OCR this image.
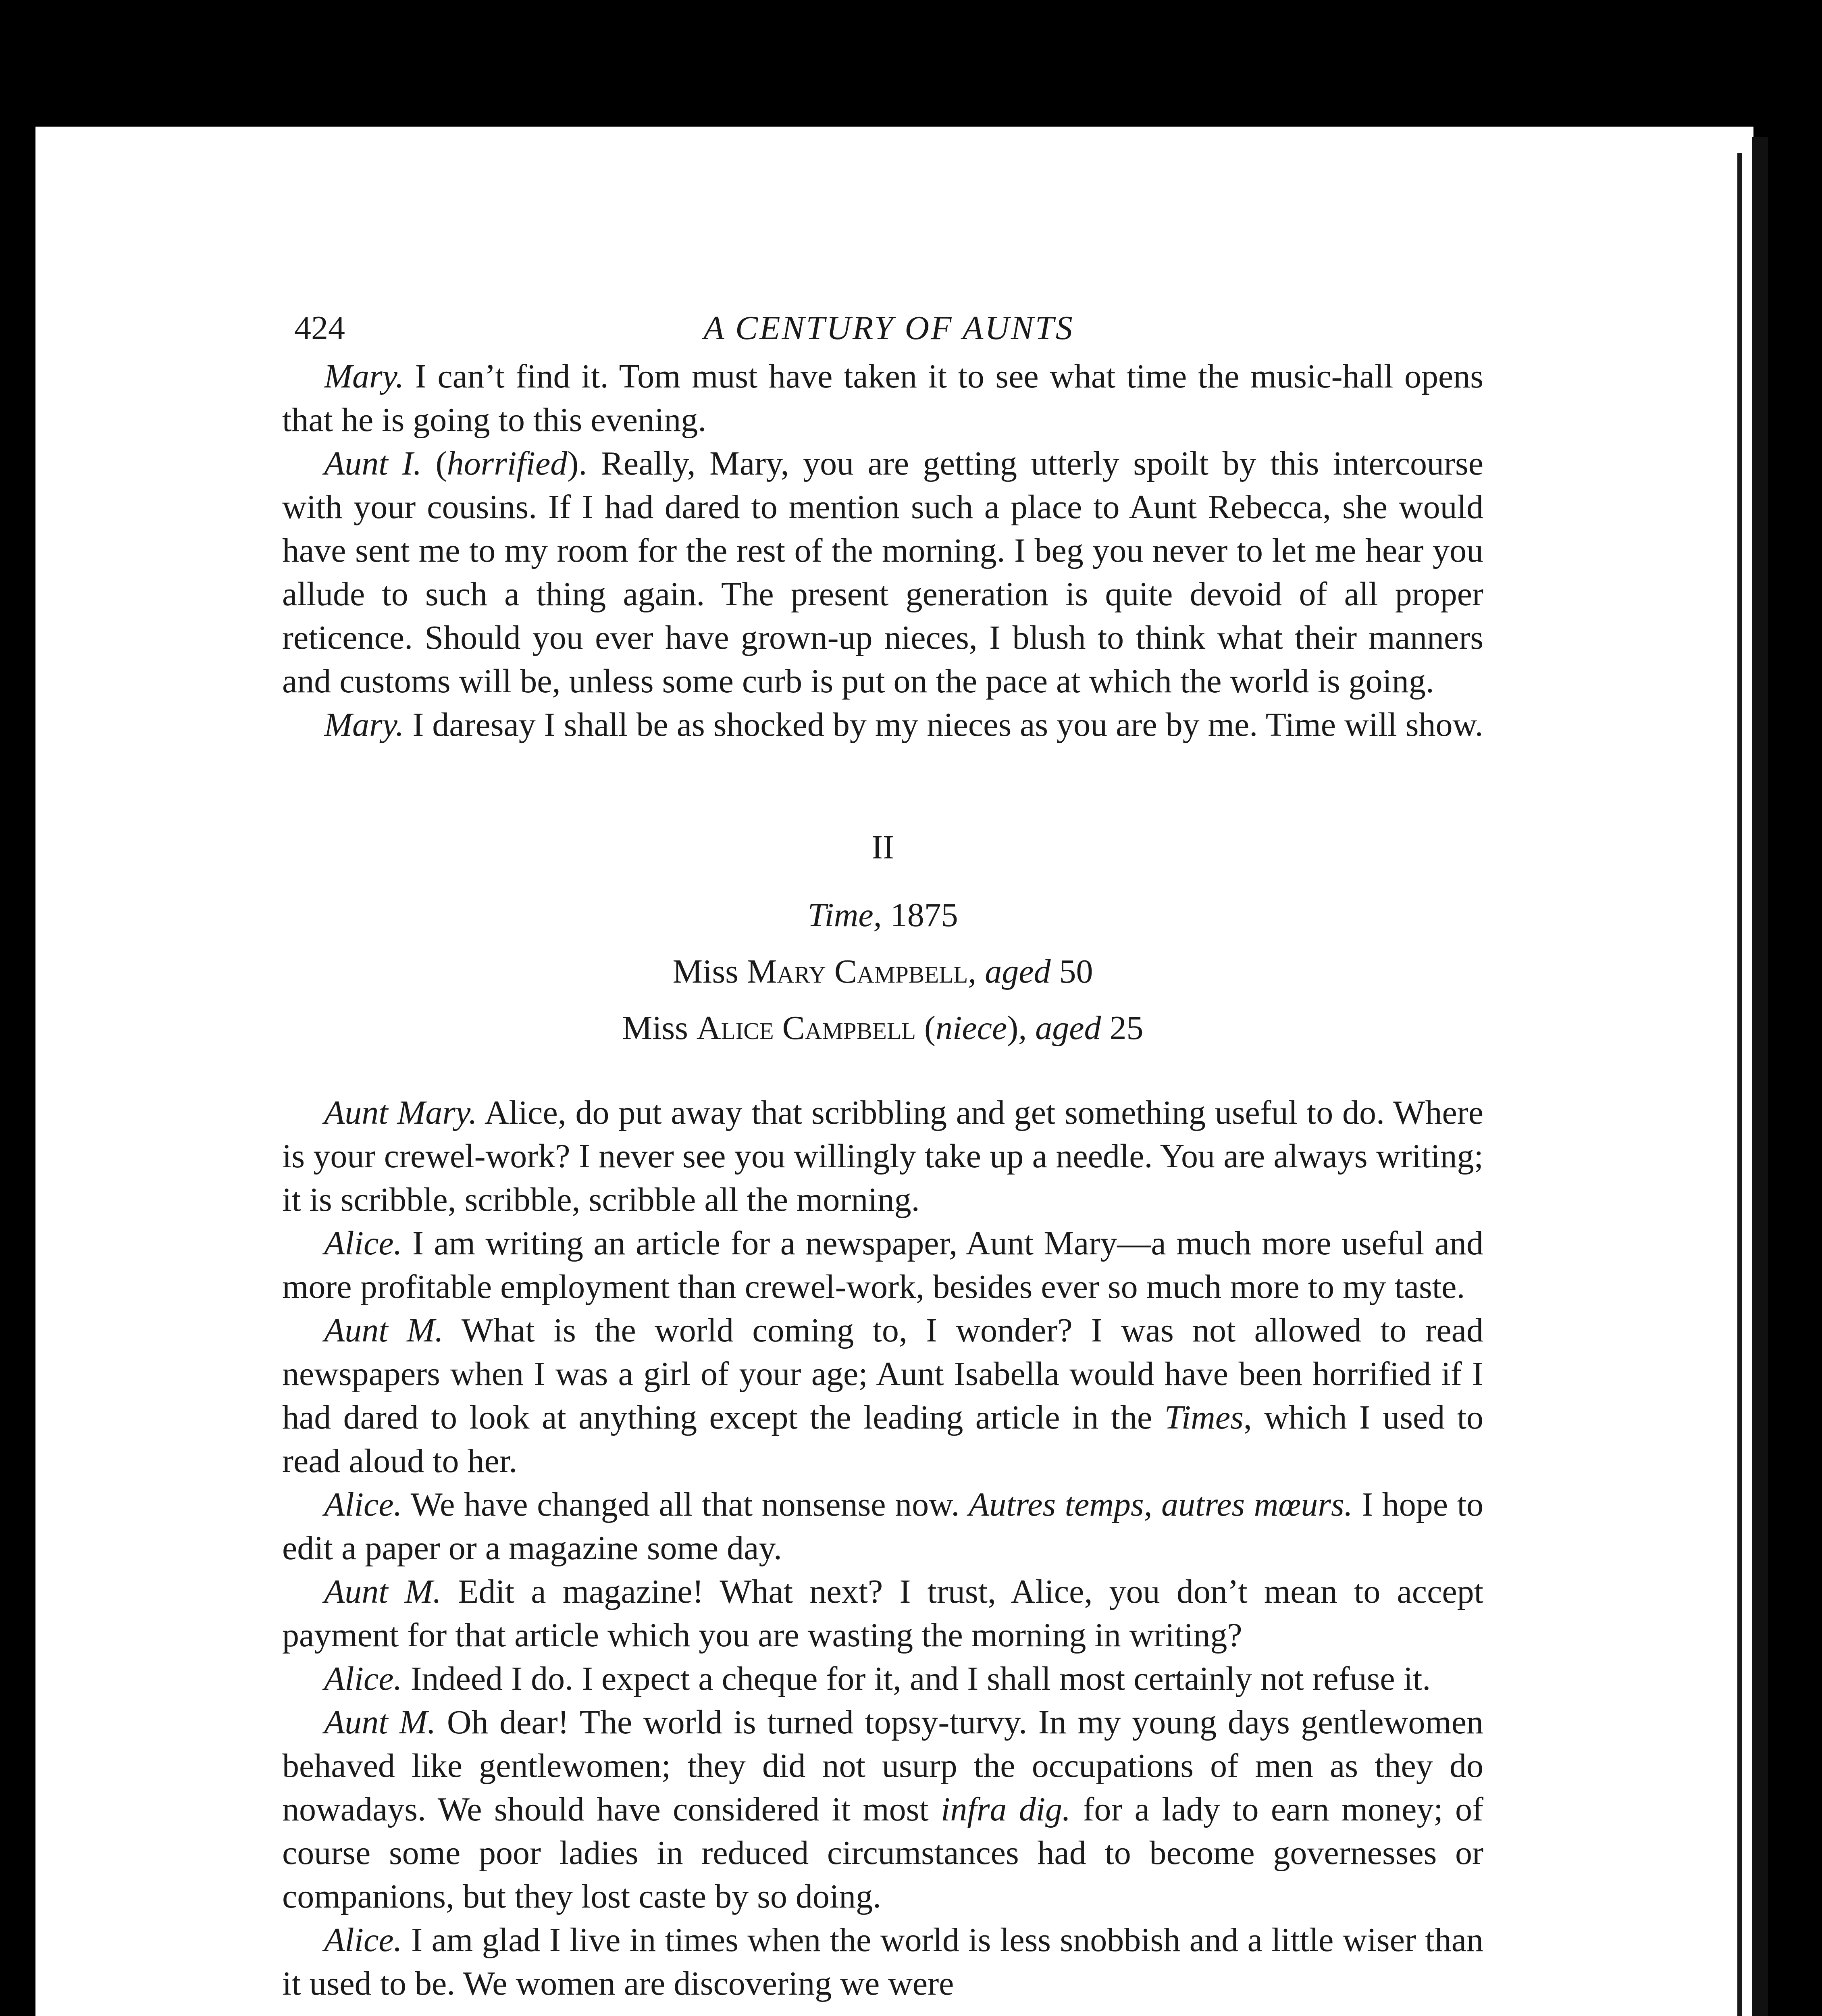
424	A CENTURY OF AUNTS

Mary. I can’t find it. Tom must have taken it to see what time the music-hall opens that he is going to this evening.

Aunt I. (horrified). Really, Mary, you are getting utterly spoilt by this intercourse with your cousins. If I had dared to mention such a place to Aunt Rebecca, she would have sent me to my room for the rest of the morning. I beg you never to let me hear you allude to such a thing again. The present generation is quite devoid of all proper reticence. Should you ever have grown-up nieces, I blush to think what their manners and customs will be, unless some curb is put on the pace at which the world is going.

Mary. I daresay I shall be as shocked by my nieces as you are by me. Time will show.

II
Time, 1875
Miss Mary Campbell, aged 50
Miss Alice Campbell (niece), aged 25

Aunt Mary. Alice, do put away that scribbling and get something useful to do. Where is your crewel-work? I never see you willingly take up a needle. You are always writing; it is scribble, scribble, scribble all the morning.

Alice. I am writing an article for a newspaper, Aunt Mary—a much more useful and more profitable employment than crewel-work, besides ever so much more to my taste.

Aunt M. What is the world coming to, I wonder? I was not allowed to read newspapers when I was a girl of your age; Aunt Isabella would have been horrified if I had dared to look at anything except the leading article in the Times, which I used to read aloud to her.

Alice. We have changed all that nonsense now. Autres temps, autres mœurs. I hope to edit a paper or a magazine some day.

Aunt M. Edit a magazine! What next? I trust, Alice, you don’t mean to accept payment for that article which you are wasting the morning in writing?

Alice. Indeed I do. I expect a cheque for it, and I shall most certainly not refuse it.

Aunt M. Oh dear! The world is turned topsy-turvy. In my young days gentlewomen behaved like gentlewomen; they did not usurp the occupations of men as they do nowadays. We should have considered it most infra dig. for a lady to earn money; of course some poor ladies in reduced circumstances had to become governesses or companions, but they lost caste by so doing.

Alice. I am glad I live in times when the world is less snobbish and a little wiser than it used to be. We women are discovering we were
